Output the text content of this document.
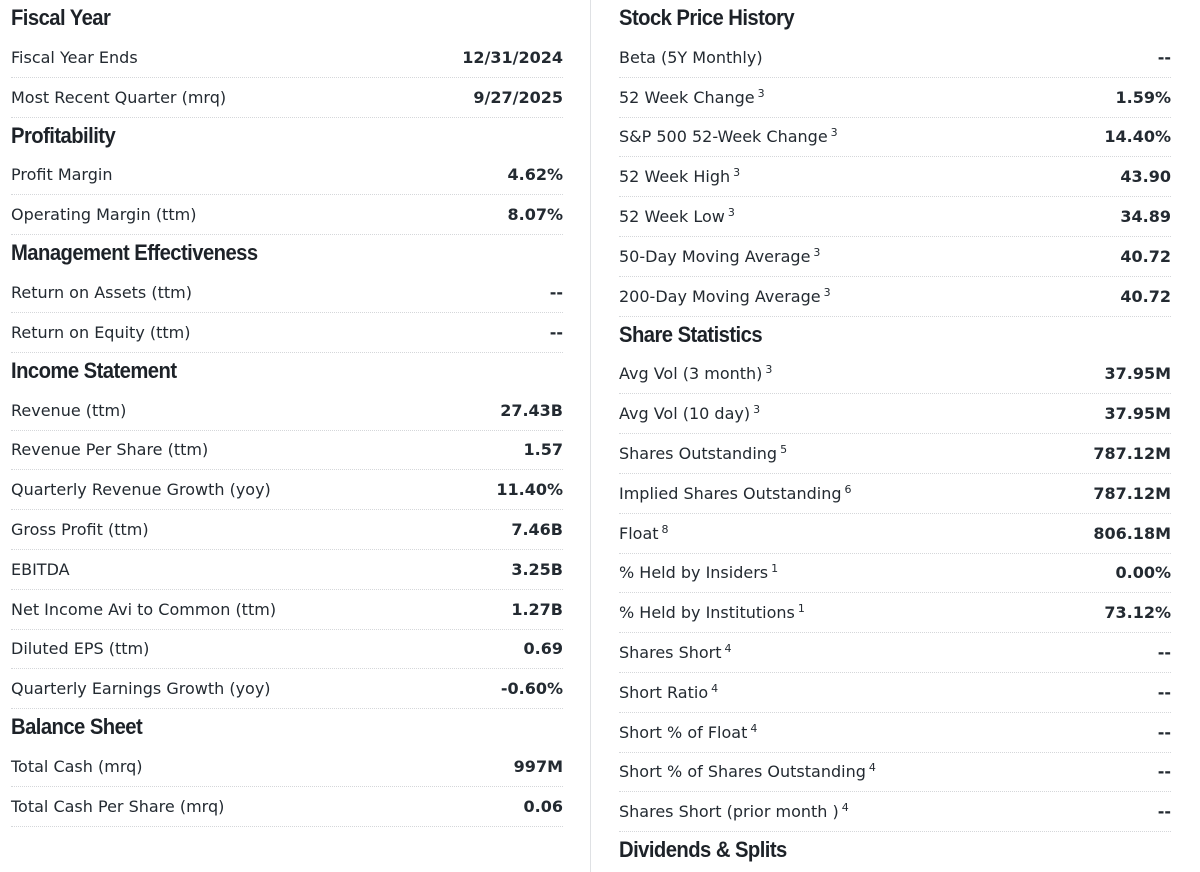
Fiscal Year
Fiscal Year Ends	12/31/2024
Most Recent Quarter (mrq)	9/27/2025
Profitability
Profit Margin	4.62%
Operating Margin (ttm)	8.07%
Management Effectiveness
Return on Assets (ttm)	--
Return on Equity (ttm)	--
Income Statement
Revenue (ttm)	27.43B
Revenue Per Share (ttm)	1.57
Quarterly Revenue Growth (yoy)	11.40%
Gross Profit (ttm)	7.46B
EBITDA	3.25B
Net Income Avi to Common (ttm)	1.27B
Diluted EPS (ttm)	0.69
Quarterly Earnings Growth (yoy)	-0.60%
Balance Sheet
Total Cash (mrq)	997M
Total Cash Per Share (mrq)	0.06
Stock Price History
Beta (5Y Monthly)	--
52 Week Change $^3$	1.59%
S&P 500 52-Week Change $^3$	14.40%
52 Week High $^3$	43.90
52 Week Low $^3$	34.89
50-Day Moving Average $^3$	40.72
200-Day Moving Average $^3$	40.72
Share Statistics
Avg Vol (3 month) $^3$	37.95M
Avg Vol (10 day) $^3$	37.95M
Shares Outstanding $^5$	787.12M
Implied Shares Outstanding $^6$	787.12M
Float $^8$	806.18M
% Held by Insiders $^1$	0.00%
% Held by Institutions $^1$	73.12%
Shares Short $^4$	--
Short Ratio $^4$	--
Short % of Float $^4$	--
Short % of Shares Outstanding $^4$	--
Shares Short (prior month ) $^4$	--
Dividends & Splits
